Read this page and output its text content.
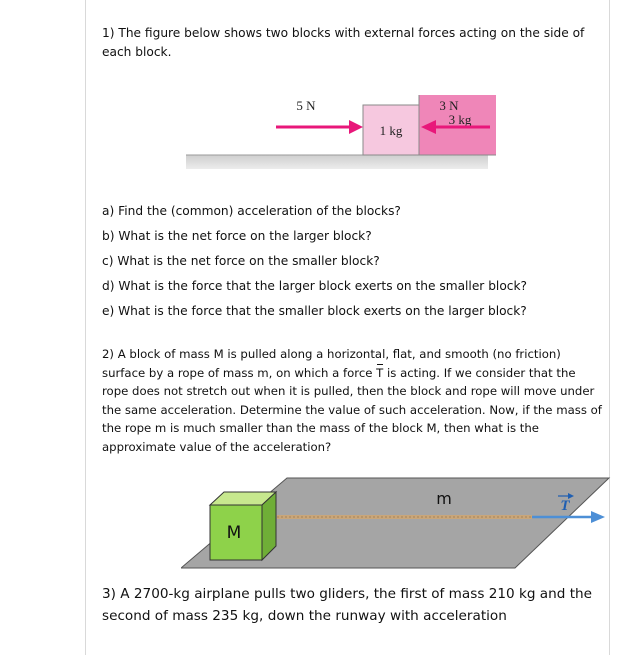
1) The figure below shows two blocks with external forces acting on the side of each block.
1 kg
3 kg
5 N	3 N
a) Find the (common) acceleration of the blocks?
b) What is the net force on the larger block?
c) What is the net force on the smaller block?
d) What is the force that the larger block exerts on the smaller block?
e) What is the force that the smaller block exerts on the larger block?
2) A block of mass M is pulled along a horizontal, flat, and smooth (no friction) surface by a rope of mass m, on which a force T is acting. If we consider that the rope does not stretch out when it is pulled, then the block and rope will move under the same acceleration. Determine the value of such acceleration. Now, if the mass of the rope m is much smaller than the mass of the block M, then what is the approximate value of the acceleration?
M
m	T
3) A 2700-kg airplane pulls two gliders, the first of mass 210 kg and the second of mass 235 kg, down the runway with acceleration
